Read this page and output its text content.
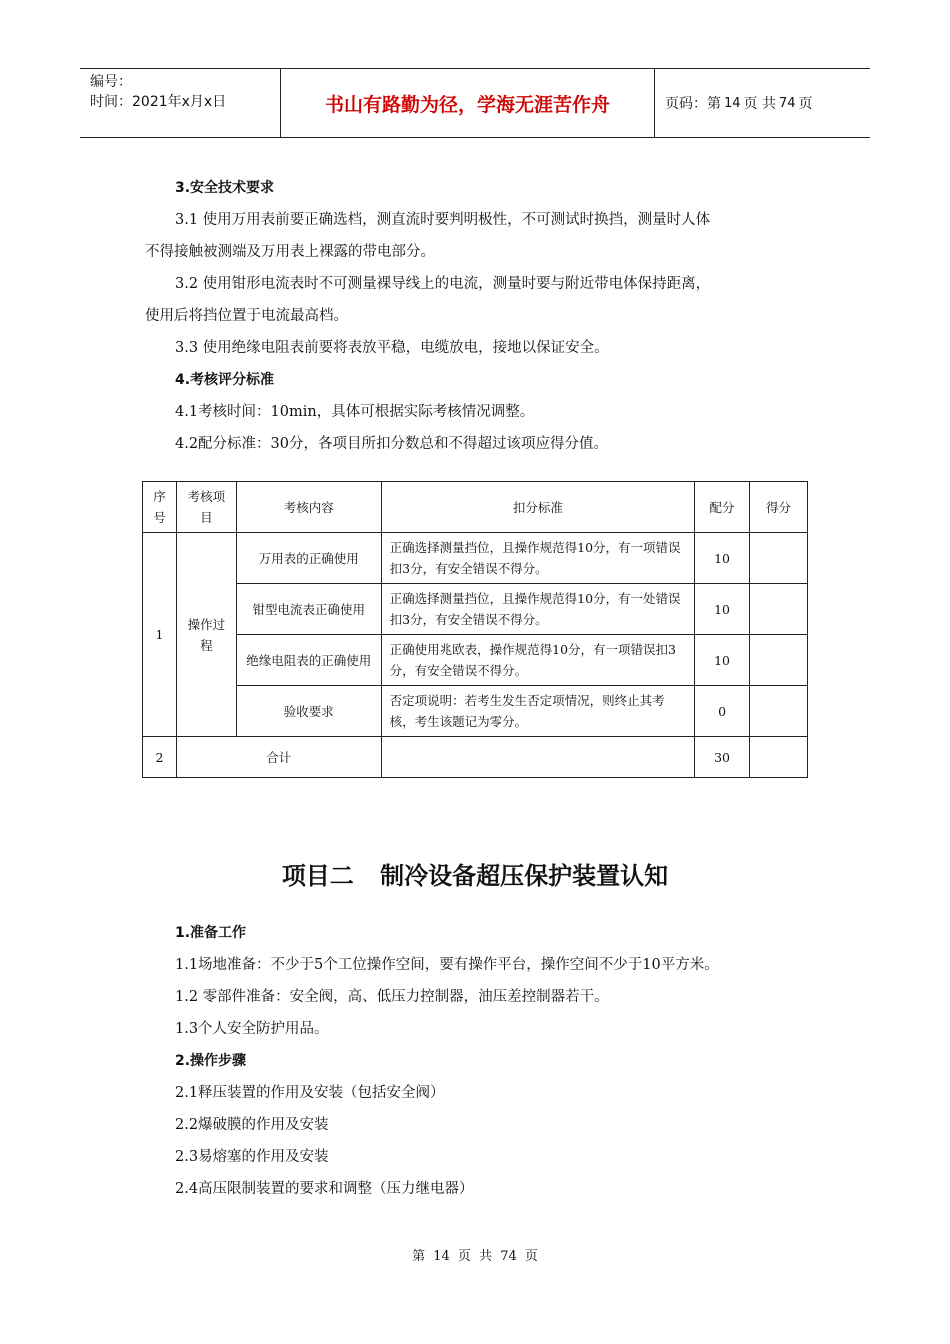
编号：
时间：2021年x月x日	书山有路勤为径，学海无涯苦作舟	页码：第 14 页 共 74 页

3.安全技术要求

3.1 使用万用表前要正确选档，测直流时要判明极性，不可测试时换挡，测量时人体

不得接触被测端及万用表上裸露的带电部分。

3.2 使用钳形电流表时不可测量裸导线上的电流，测量时要与附近带电体保持距离，

使用后将挡位置于电流最高档。

3.3 使用绝缘电阻表前要将表放平稳，电缆放电，接地以保证安全。

4.考核评分标准

4.1考核时间：10min，具体可根据实际考核情况调整。

4.2配分标准：30分，各项目所扣分数总和不得超过该项应得分值。

序号	考核项目	考核内容	扣分标准	配分	得分
1	操作过程	万用表的正确使用	正确选择测量挡位，且操作规范得10分，有一项错误扣3分，有安全错误不得分。	10	
		钳型电流表正确使用	正确选择测量挡位，且操作规范得10分，有一处错误扣3分，有安全错误不得分。	10	
		绝缘电阻表的正确使用	正确使用兆欧表，操作规范得10分，有一项错误扣3分，有安全错误不得分。	10	
		验收要求	否定项说明：若考生发生否定项情况，则终止其考核，考生该题记为零分。	0	
2	合计			30	
项目二 制冷设备超压保护装置认知

1.准备工作

1.1场地准备：不少于5个工位操作空间，要有操作平台，操作空间不少于10平方米。

1.2 零部件准备：安全阀，高、低压力控制器，油压差控制器若干。

1.3个人安全防护用品。

2.操作步骤

2.1释压装置的作用及安装（包括安全阀）

2.2爆破膜的作用及安装

2.3易熔塞的作用及安装

2.4高压限制装置的要求和调整（压力继电器）

第 14 页 共 74 页
